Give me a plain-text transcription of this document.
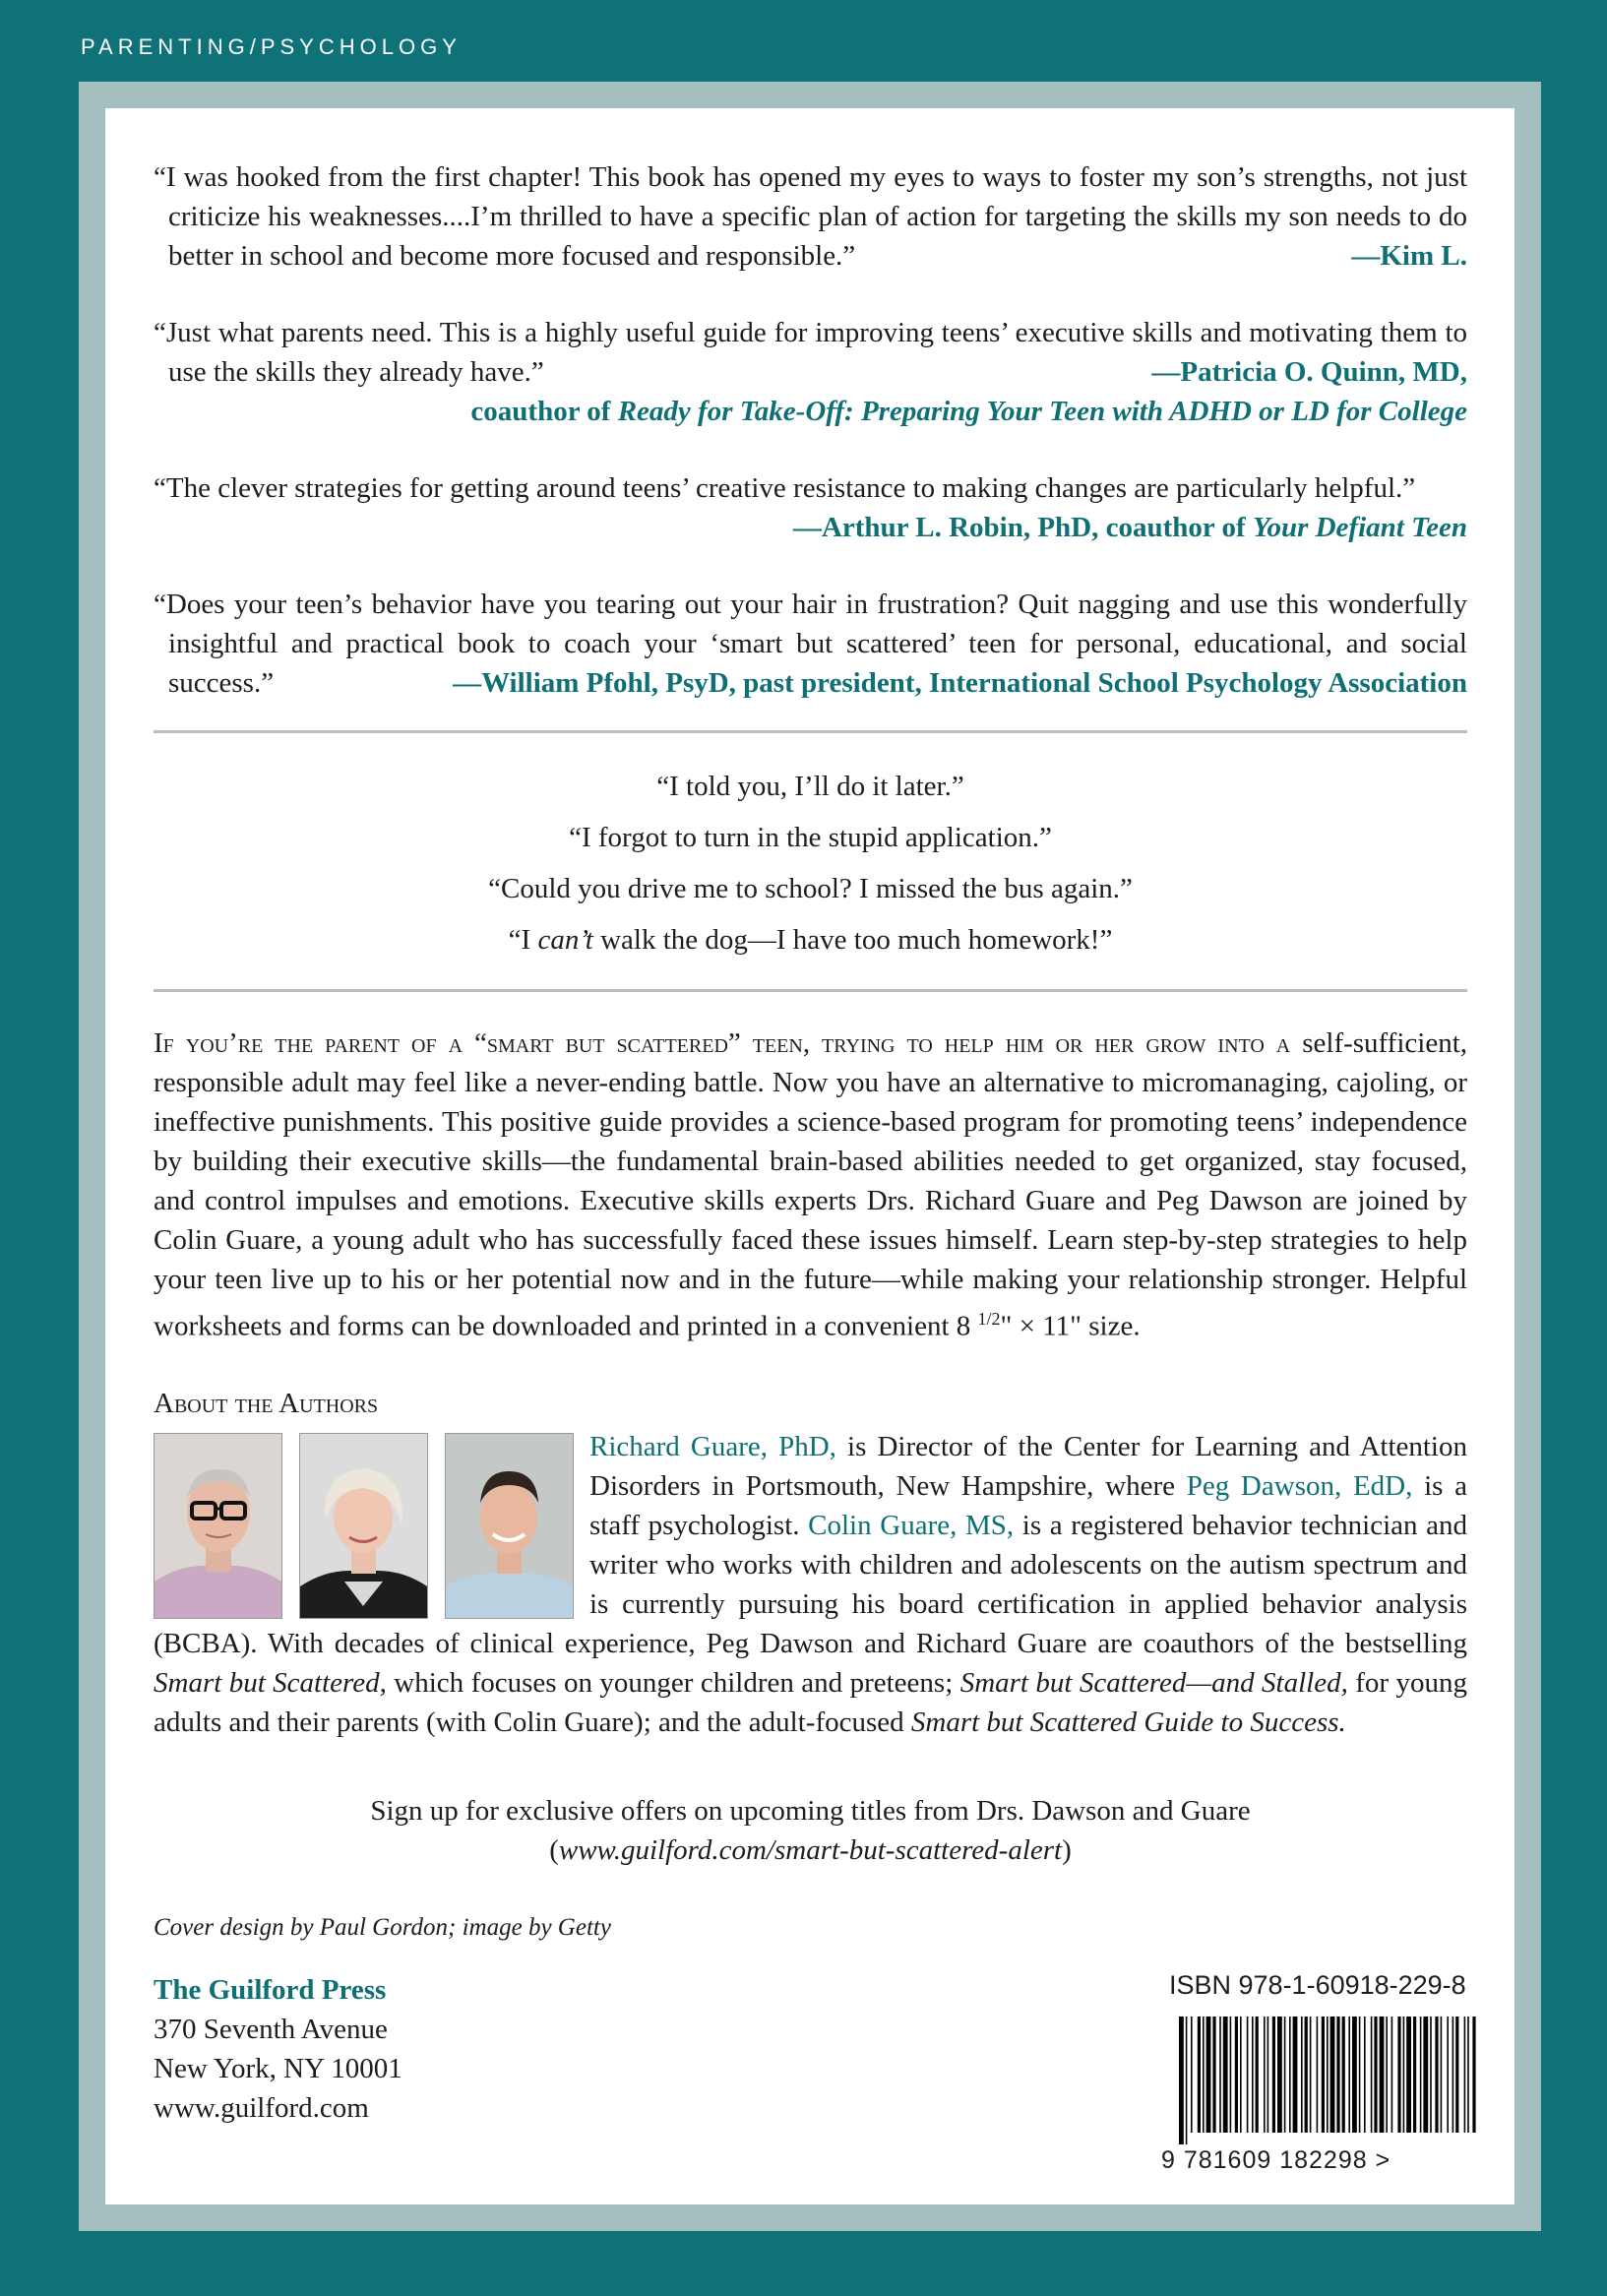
PARENTING/PSYCHOLOGY

“I was hooked from the first chapter! This book has opened my eyes to ways to foster my son’s strengths, not just criticize his weaknesses....I’m thrilled to have a specific plan of action for targeting the skills my son needs to do better in school and become more focused and responsible.”	—Kim L.

“Just what parents need. This is a highly useful guide for improving teens’ executive skills and motivating them to use the skills they already have.”	—Patricia O. Quinn, MD,
coauthor of Ready for Take-Off: Preparing Your Teen with ADHD or LD for College

“The clever strategies for getting around teens’ creative resistance to making changes are particularly helpful.”
—Arthur L. Robin, PhD, coauthor of Your Defiant Teen

“Does your teen’s behavior have you tearing out your hair in frustration? Quit nagging and use this wonderfully insightful and practical book to coach your ‘smart but scattered’ teen for personal, educational, and social success.”	—William Pfohl, PsyD, past president, International School Psychology Association

“I told you, I’ll do it later.”
“I forgot to turn in the stupid application.”
“Could you drive me to school? I missed the bus again.”
“I can’t walk the dog—I have too much homework!”

If you’re the parent of a “smart but scattered” teen, trying to help him or her grow into a self-sufficient, responsible adult may feel like a never-ending battle. Now you have an alternative to micromanaging, cajoling, or ineffective punishments. This positive guide provides a science-based program for promoting teens’ independence by building their executive skills—the fundamental brain-based abilities needed to get organized, stay focused, and control impulses and emotions. Executive skills experts Drs. Richard Guare and Peg Dawson are joined by Colin Guare, a young adult who has successfully faced these issues himself. Learn step-by-step strategies to help your teen live up to his or her potential now and in the future—while making your relationship stronger. Helpful worksheets and forms can be downloaded and printed in a convenient 8 $^{1/2}$" × 11" size.

About the Authors
Richard Guare, PhD, is Director of the Center for Learning and Attention Disorders in Portsmouth, New Hampshire, where Peg Dawson, EdD, is a staff psychologist. Colin Guare, MS, is a registered behavior technician and writer who works with children and adolescents on the autism spectrum and is currently pursuing his board certification in applied behavior analysis (BCBA). With decades of clinical experience, Peg Dawson and Richard Guare are coauthors of the bestselling Smart but Scattered, which focuses on younger children and preteens; Smart but Scattered—and Stalled, for young adults and their parents (with Colin Guare); and the adult-focused Smart but Scattered Guide to Success.
Sign up for exclusive offers on upcoming titles from Drs. Dawson and Guare
(www.guilford.com/smart-but-scattered-alert)
Cover design by Paul Gordon; image by Getty
The Guilford Press
370 Seventh Avenue
New York, NY 10001
www.guilford.com
ISBN 978-1-60918-229-8
9 781609 182298 >
